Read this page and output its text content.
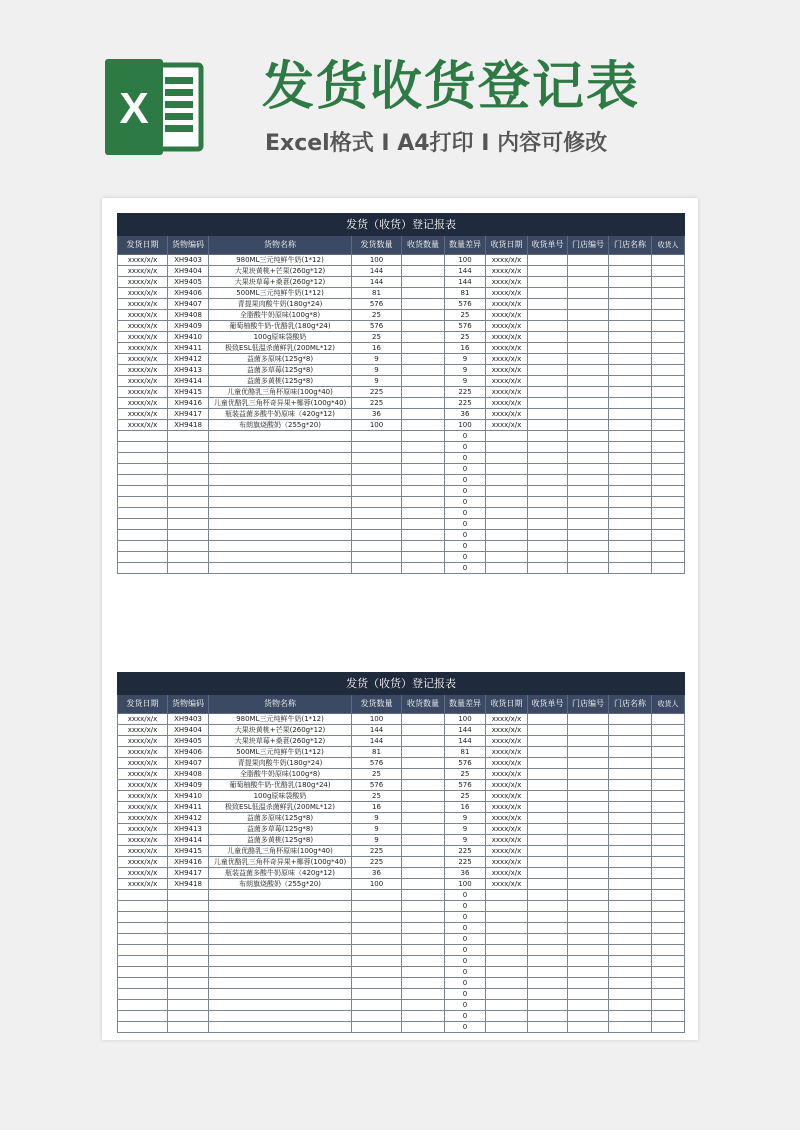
X 发货收货登记表
Excel格式 I A4打印 I 内容可修改
发货（收货）登记报表										
发货日期	货物编码	货物名称	发货数量	收货数量	数量差异	收货日期	收货单号	门店编号	门店名称	收货人
xxxx/x/x	XH9403	980ML三元纯鲜牛奶(1*12)	100		100	xxxx/x/x				
xxxx/x/x	XH9404	大果块黄桃+芒果(260g*12)	144		144	xxxx/x/x				
xxxx/x/x	XH9405	大果块草莓+桑葚(260g*12)	144		144	xxxx/x/x				
xxxx/x/x	XH9406	500ML三元纯鲜牛奶(1*12)	81		81	xxxx/x/x				
xxxx/x/x	XH9407	青提果肉酸牛奶(180g*24)	576		576	xxxx/x/x				
xxxx/x/x	XH9408	全脂酸牛奶原味(100g*8)	25		25	xxxx/x/x				
xxxx/x/x	XH9409	葡萄柚酸牛奶-优酪乳(180g*24)	576		576	xxxx/x/x				
xxxx/x/x	XH9410	100g原味袋酸奶	25		25	xxxx/x/x				
xxxx/x/x	XH9411	极致ESL低温杀菌鲜乳(200ML*12)	16		16	xxxx/x/x				
xxxx/x/x	XH9412	益菌多原味(125g*8)	9		9	xxxx/x/x				
xxxx/x/x	XH9413	益菌多草莓(125g*8)	9		9	xxxx/x/x				
xxxx/x/x	XH9414	益菌多黄桃(125g*8)	9		9	xxxx/x/x				
xxxx/x/x	XH9415	儿童优酪乳三角杯原味(100g*40)	225		225	xxxx/x/x				
xxxx/x/x	XH9416	儿童优酪乳三角杯奇异果+椰蓉(100g*40)	225		225	xxxx/x/x				
xxxx/x/x	XH9417	瓶装益菌多酸牛奶原味（420g*12)	36		36	xxxx/x/x				
xxxx/x/x	XH9418	布朗旗烧酸奶（255g*20)	100		100	xxxx/x/x				
					0					
					0					
					0					
					0					
					0					
					0					
					0					
					0					
					0					
					0					
					0					
					0					
					0					
发货（收货）登记报表										
发货日期	货物编码	货物名称	发货数量	收货数量	数量差异	收货日期	收货单号	门店编号	门店名称	收货人
xxxx/x/x	XH9403	980ML三元纯鲜牛奶(1*12)	100		100	xxxx/x/x				
xxxx/x/x	XH9404	大果块黄桃+芒果(260g*12)	144		144	xxxx/x/x				
xxxx/x/x	XH9405	大果块草莓+桑葚(260g*12)	144		144	xxxx/x/x				
xxxx/x/x	XH9406	500ML三元纯鲜牛奶(1*12)	81		81	xxxx/x/x				
xxxx/x/x	XH9407	青提果肉酸牛奶(180g*24)	576		576	xxxx/x/x				
xxxx/x/x	XH9408	全脂酸牛奶原味(100g*8)	25		25	xxxx/x/x				
xxxx/x/x	XH9409	葡萄柚酸牛奶-优酪乳(180g*24)	576		576	xxxx/x/x				
xxxx/x/x	XH9410	100g原味袋酸奶	25		25	xxxx/x/x				
xxxx/x/x	XH9411	极致ESL低温杀菌鲜乳(200ML*12)	16		16	xxxx/x/x				
xxxx/x/x	XH9412	益菌多原味(125g*8)	9		9	xxxx/x/x				
xxxx/x/x	XH9413	益菌多草莓(125g*8)	9		9	xxxx/x/x				
xxxx/x/x	XH9414	益菌多黄桃(125g*8)	9		9	xxxx/x/x				
xxxx/x/x	XH9415	儿童优酪乳三角杯原味(100g*40)	225		225	xxxx/x/x				
xxxx/x/x	XH9416	儿童优酪乳三角杯奇异果+椰蓉(100g*40)	225		225	xxxx/x/x				
xxxx/x/x	XH9417	瓶装益菌多酸牛奶原味（420g*12)	36		36	xxxx/x/x				
xxxx/x/x	XH9418	布朗旗烧酸奶（255g*20)	100		100	xxxx/x/x				
					0					
					0					
					0					
					0					
					0					
					0					
					0					
					0					
					0					
					0					
					0					
					0					
					0					
